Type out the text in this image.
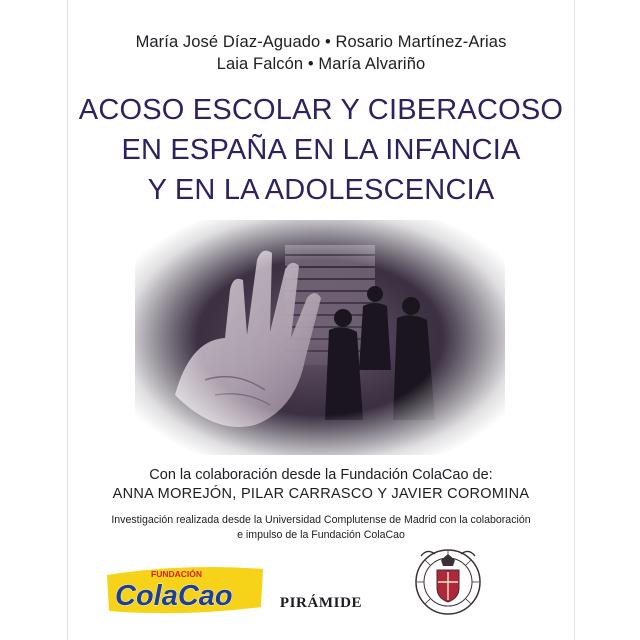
María José Díaz-Aguado • Rosario Martínez-Arias
Laia Falcón • María Alvariño
ACOSO ESCOLAR Y CIBERACOSO
EN ESPAÑA EN LA INFANCIA
Y EN LA ADOLESCENCIA
Con la colaboración desde la Fundación ColaCao de:
ANNA MOREJÓN, PILAR CARRASCO Y JAVIER COROMINA
Investigación realizada desde la Universidad Complutense de Madrid con la colaboración
e impulso de la Fundación ColaCao
FUNDACIÓN
ColaCao	PIRÁMIDE
